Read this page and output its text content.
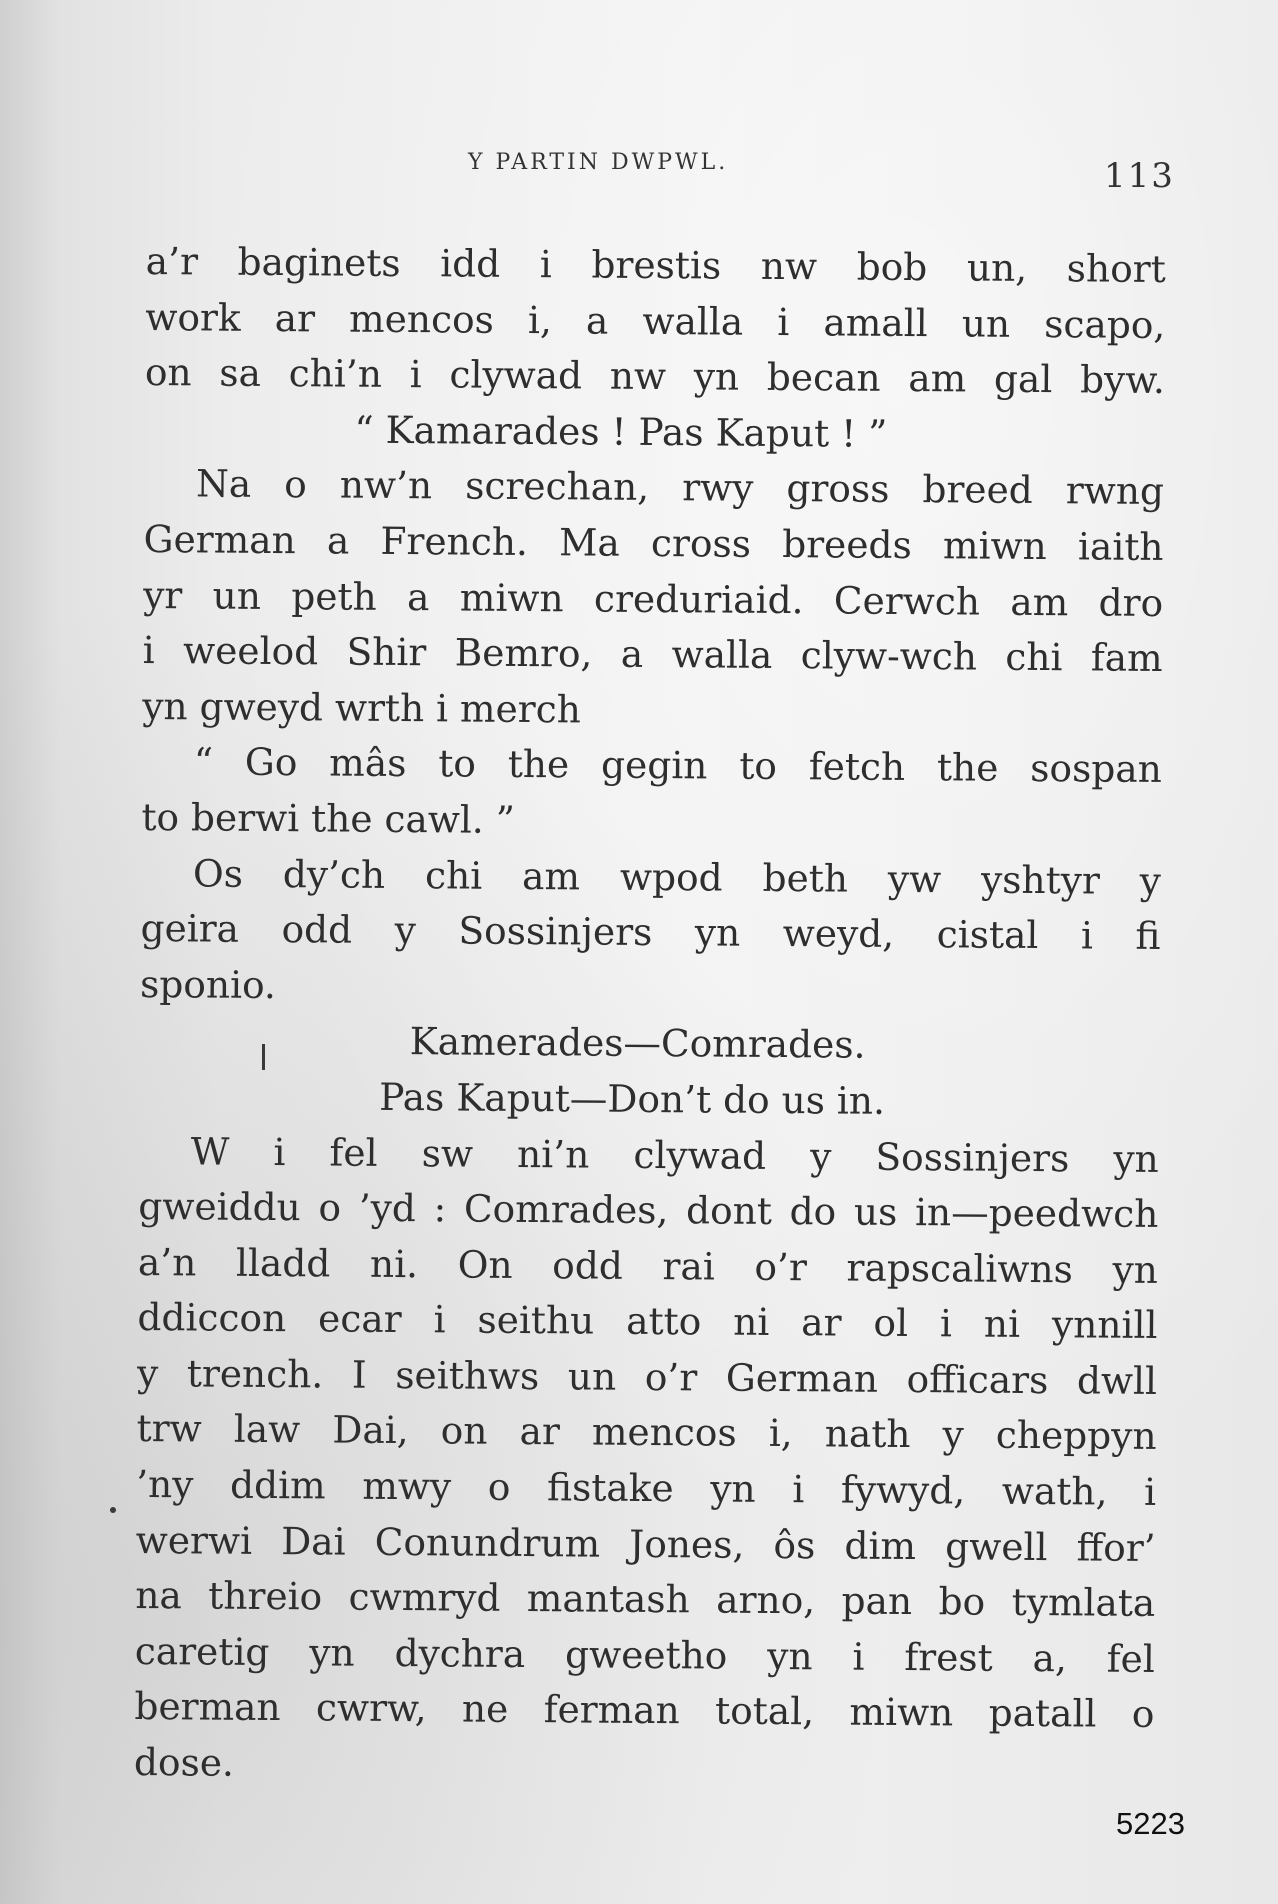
Y PARTIN DWPWL.	113
a’r baginets idd i brestis nw bob un, short
work ar mencos i, a walla i amall un scapo,
on sa chi’n i clywad nw yn becan am gal byw.
“ Kamarades ! Pas Kaput ! ”
Na o nw’n screchan, rwy gross breed rwng
German a French. Ma cross breeds miwn iaith
yr un peth a miwn creduriaid. Cerwch am dro
i weelod Shir Bemro, a walla clyw-wch chi fam
yn gweyd wrth i merch
“ Go mâs to the gegin to fetch the sospan
to berwi the cawl. ”
Os dy’ch chi am wpod beth yw yshtyr y
geira odd y Sossinjers yn weyd, cistal i fi
sponio.
Kamerades—Comrades.
Pas Kaput—Don’t do us in.
W i fel sw ni’n clywad y Sossinjers yn
gweiddu o ’yd : Comrades, dont do us in—peedwch
a’n lladd ni. On odd rai o’r rapscaliwns yn
ddiccon ecar i seithu atto ni ar ol i ni ynnill
y trench. I seithws un o’r German officars dwll
trw law Dai, on ar mencos i, nath y cheppyn
’ny ddim mwy o fistake yn i fywyd, wath, i
werwi Dai Conundrum Jones, ôs dim gwell ffor’
na threio cwmryd mantash arno, pan bo tymlata
caretig yn dychra gweetho yn i frest a, fel
berman cwrw, ne ferman total, miwn patall o
dose.
5223
